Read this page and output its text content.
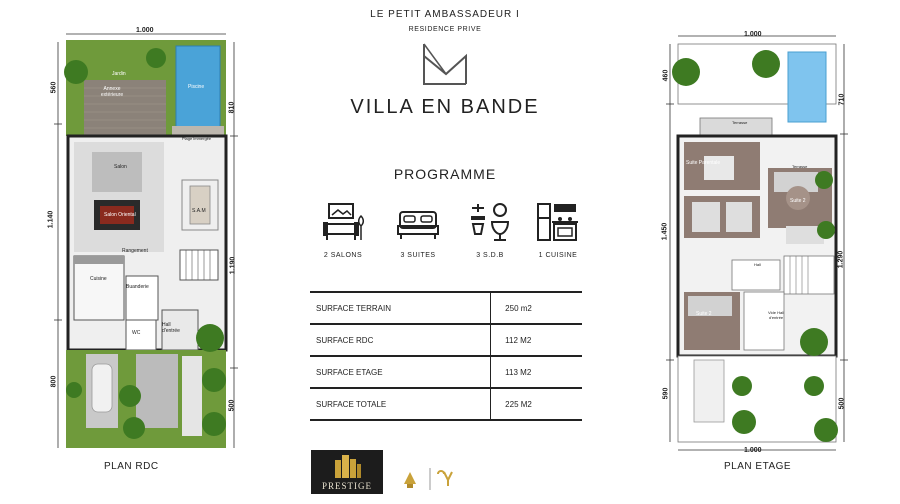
LE PETIT AMBASSADEUR I
RESIDENCE PRIVE
VILLA EN BANDE
PROGRAMME
2 SALONS	3 SUITES	3 S.D.B	1 CUISINE
SURFACE TERRAIN	250 m2
SURFACE RDC	112 M2
SURFACE ETAGE	113 M2
SURFACE TOTALE	225 M2
PRESTIGE
1.000
560
1.140
800
810
1.190
500
Jardin
Annexe extérieure
Piscine
Plage immergée
Salon
Salon Oriental
S.A.M
Rangement
Cuisine
Buanderie
Hall d'entrée
WC
PLAN RDC
1.000
1.000
460
1.450
590
710
1.290
500
Terrasse
Suite Parentale
Suite 2
Suite 2	Vide Hall d'entrée
Terrasse
Hall
PLAN ETAGE
